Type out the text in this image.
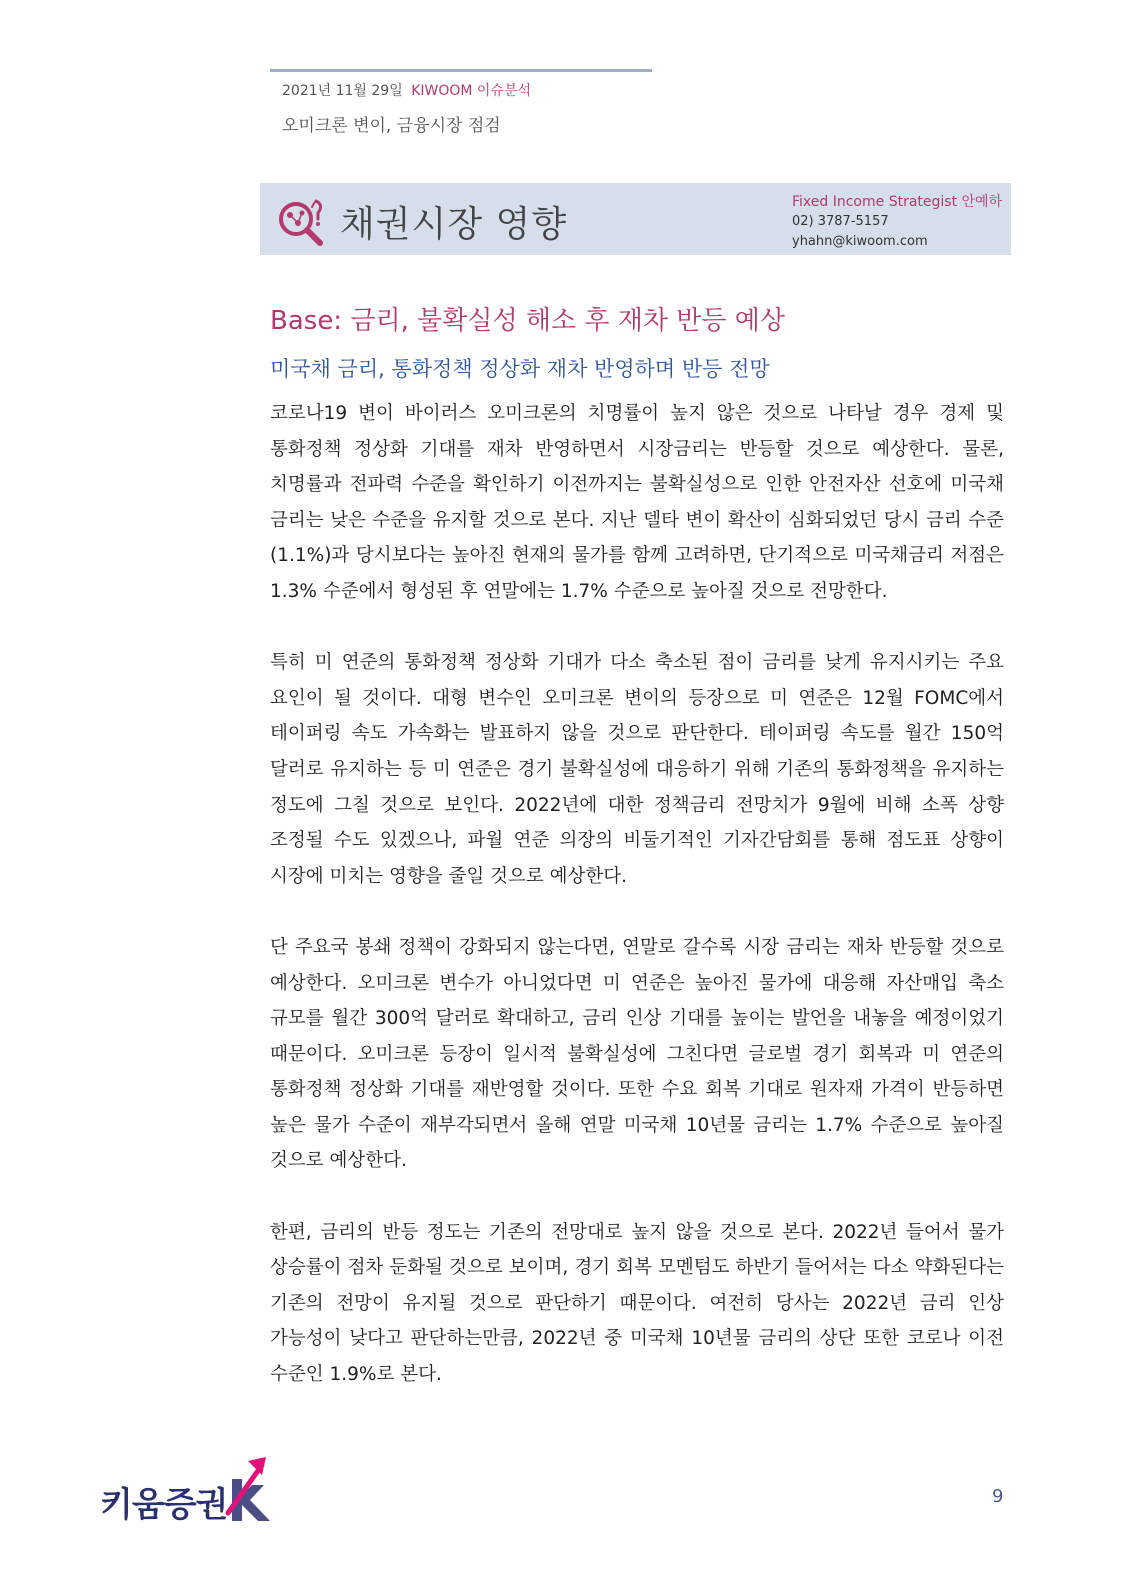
2021년 11월 29일 KIWOOM 이슈분석
오미크론 변이, 금융시장 점검
채권시장 영향
Fixed Income Strategist 안예하
02) 3787-5157
yhahn@kiwoom.com
Base: 금리, 불확실성 해소 후 재차 반등 예상
미국채 금리, 통화정책 정상화 재차 반영하며 반등 전망

코로나19 변이 바이러스 오미크론의 치명률이 높지 않은 것으로 나타날 경우 경제 및 통화정책 정상화 기대를 재차 반영하면서 시장금리는 반등할 것으로 예상한다. 물론, 치명률과 전파력 수준을 확인하기 이전까지는 불확실성으로 인한 안전자산 선호에 미국채 금리는 낮은 수준을 유지할 것으로 본다. 지난 델타 변이 확산이 심화되었던 당시 금리 수준(1.1%)과 당시보다는 높아진 현재의 물가를 함께 고려하면, 단기적으로 미국채금리 저점은 1.3% 수준에서 형성된 후 연말에는 1.7% 수준으로 높아질 것으로 전망한다.

특히 미 연준의 통화정책 정상화 기대가 다소 축소된 점이 금리를 낮게 유지시키는 주요 요인이 될 것이다. 대형 변수인 오미크론 변이의 등장으로 미 연준은 12월 FOMC에서 테이퍼링 속도 가속화는 발표하지 않을 것으로 판단한다. 테이퍼링 속도를 월간 150억 달러로 유지하는 등 미 연준은 경기 불확실성에 대응하기 위해 기존의 통화정책을 유지하는 정도에 그칠 것으로 보인다. 2022년에 대한 정책금리 전망치가 9월에 비해 소폭 상향 조정될 수도 있겠으나, 파월 연준 의장의 비둘기적인 기자간담회를 통해 점도표 상향이 시장에 미치는 영향을 줄일 것으로 예상한다.

단 주요국 봉쇄 정책이 강화되지 않는다면, 연말로 갈수록 시장 금리는 재차 반등할 것으로 예상한다. 오미크론 변수가 아니었다면 미 연준은 높아진 물가에 대응해 자산매입 축소 규모를 월간 300억 달러로 확대하고, 금리 인상 기대를 높이는 발언을 내놓을 예정이었기 때문이다. 오미크론 등장이 일시적 불확실성에 그친다면 글로벌 경기 회복과 미 연준의 통화정책 정상화 기대를 재반영할 것이다. 또한 수요 회복 기대로 원자재 가격이 반등하면 높은 물가 수준이 재부각되면서 올해 연말 미국채 10년물 금리는 1.7% 수준으로 높아질 것으로 예상한다.

한편, 금리의 반등 정도는 기존의 전망대로 높지 않을 것으로 본다. 2022년 들어서 물가 상승률이 점차 둔화될 것으로 보이며, 경기 회복 모멘텀도 하반기 들어서는 다소 약화된다는 기존의 전망이 유지될 것으로 판단하기 때문이다. 여전히 당사는 2022년 금리 인상 가능성이 낮다고 판단하는만큼, 2022년 중 미국채 10년물 금리의 상단 또한 코로나 이전 수준인 1.9%로 본다.

키움증권	9
